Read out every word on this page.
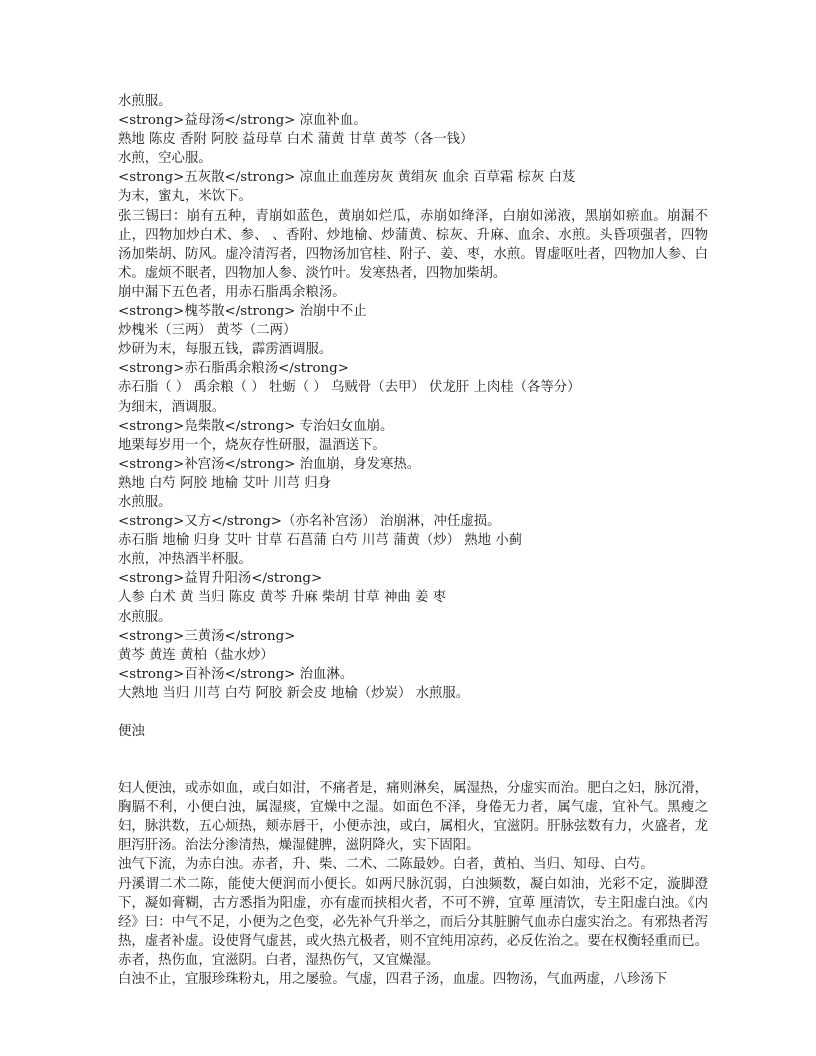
水煎服。

<strong>益母汤</strong> 凉血补血。

熟地 陈皮 香附 阿胶 益母草 白术 蒲黄 甘草 黄芩（各一钱）

水煎，空心服。

<strong>五灰散</strong> 凉血止血莲房灰 黄绢灰 血余 百草霜 棕灰 白芨

为末，蜜丸，米饮下。

张三锡曰：崩有五种，青崩如蓝色，黄崩如烂瓜，赤崩如绛泽，白崩如涕液，黑崩如瘀血。崩漏不止，四物加炒白术、参、 、香附、炒地榆、炒蒲黄、棕灰、升麻、血余、水煎。头昏项强者，四物汤加柴胡、防风。虚冷清泻者，四物汤加官桂、附子、姜、枣，水煎。胃虚呕吐者，四物加人参、白术。虚烦不眠者，四物加人参、淡竹叶。发寒热者，四物加柴胡。

崩中漏下五色者，用赤石脂禹余粮汤。

<strong>槐芩散</strong> 治崩中不止

炒槐米（三两） 黄芩（二两）

炒研为末，每服五钱，霹雳酒调服。

<strong>赤石脂禹余粮汤</strong>

赤石脂（ ） 禹余粮（ ） 牡蛎（ ） 乌贼骨（去甲） 伏龙肝 上肉桂（各等分）

为细末，酒调服。

<strong>凫柴散</strong> 专治妇女血崩。

地栗每岁用一个，烧灰存性研服，温酒送下。

<strong>补宫汤</strong> 治血崩，身发寒热。

熟地 白芍 阿胶 地榆 艾叶 川芎 归身

水煎服。

<strong>又方</strong>（亦名补宫汤） 治崩淋，冲任虚损。

赤石脂 地榆 归身 艾叶 甘草 石菖蒲 白芍 川芎 蒲黄（炒） 熟地 小蓟

水煎，冲热酒半杯服。

<strong>益胃升阳汤</strong>

人参 白术 黄 当归 陈皮 黄芩 升麻 柴胡 甘草 神曲 姜 枣

水煎服。

<strong>三黄汤</strong>

黄芩 黄连 黄柏（盐水炒）

<strong>百补汤</strong> 治血淋。

大熟地 当归 川芎 白芍 阿胶 新会皮 地榆（炒炭） 水煎服。

便浊

妇人便浊，或赤如血，或白如泔，不痛者是，痛则淋矣，属湿热，分虚实而治。肥白之妇，脉沉滑，胸膈不利，小便白浊，属湿痰，宜燥中之湿。如面色不泽，身倦无力者，属气虚，宜补气。黑瘦之妇，脉洪数，五心烦热，颊赤唇干，小便赤浊，或白，属相火，宜滋阴。肝脉弦数有力，火盛者，龙胆泻肝汤。治法分渗清热，燥湿健脾，滋阴降火，实下固阳。

浊气下流，为赤白浊。赤者，升、柴、二术、二陈最妙。白者，黄柏、当归、知母、白芍。

丹溪谓二术二陈，能使大便润而小便长。如两尺脉沉弱，白浊频数，凝白如油，光彩不定，漩脚澄下，凝如膏糊，古方悉指为阳虚，亦有虚而挟相火者，不可不辨，宜萆 厘清饮，专主阳虚白浊。《内经》曰：中气不足，小便为之色变，必先补气升举之，而后分其脏腑气血赤白虚实治之。有邪热者泻热，虚者补虚。设使肾气虚甚，或火热亢极者，则不宜纯用凉药，必反佐治之。要在权衡轻重而已。赤者，热伤血，宜滋阴。白者，湿热伤气，又宜燥湿。

白浊不止，宜服珍珠粉丸，用之屡验。气虚，四君子汤，血虚。四物汤，气血两虚，八珍汤下
